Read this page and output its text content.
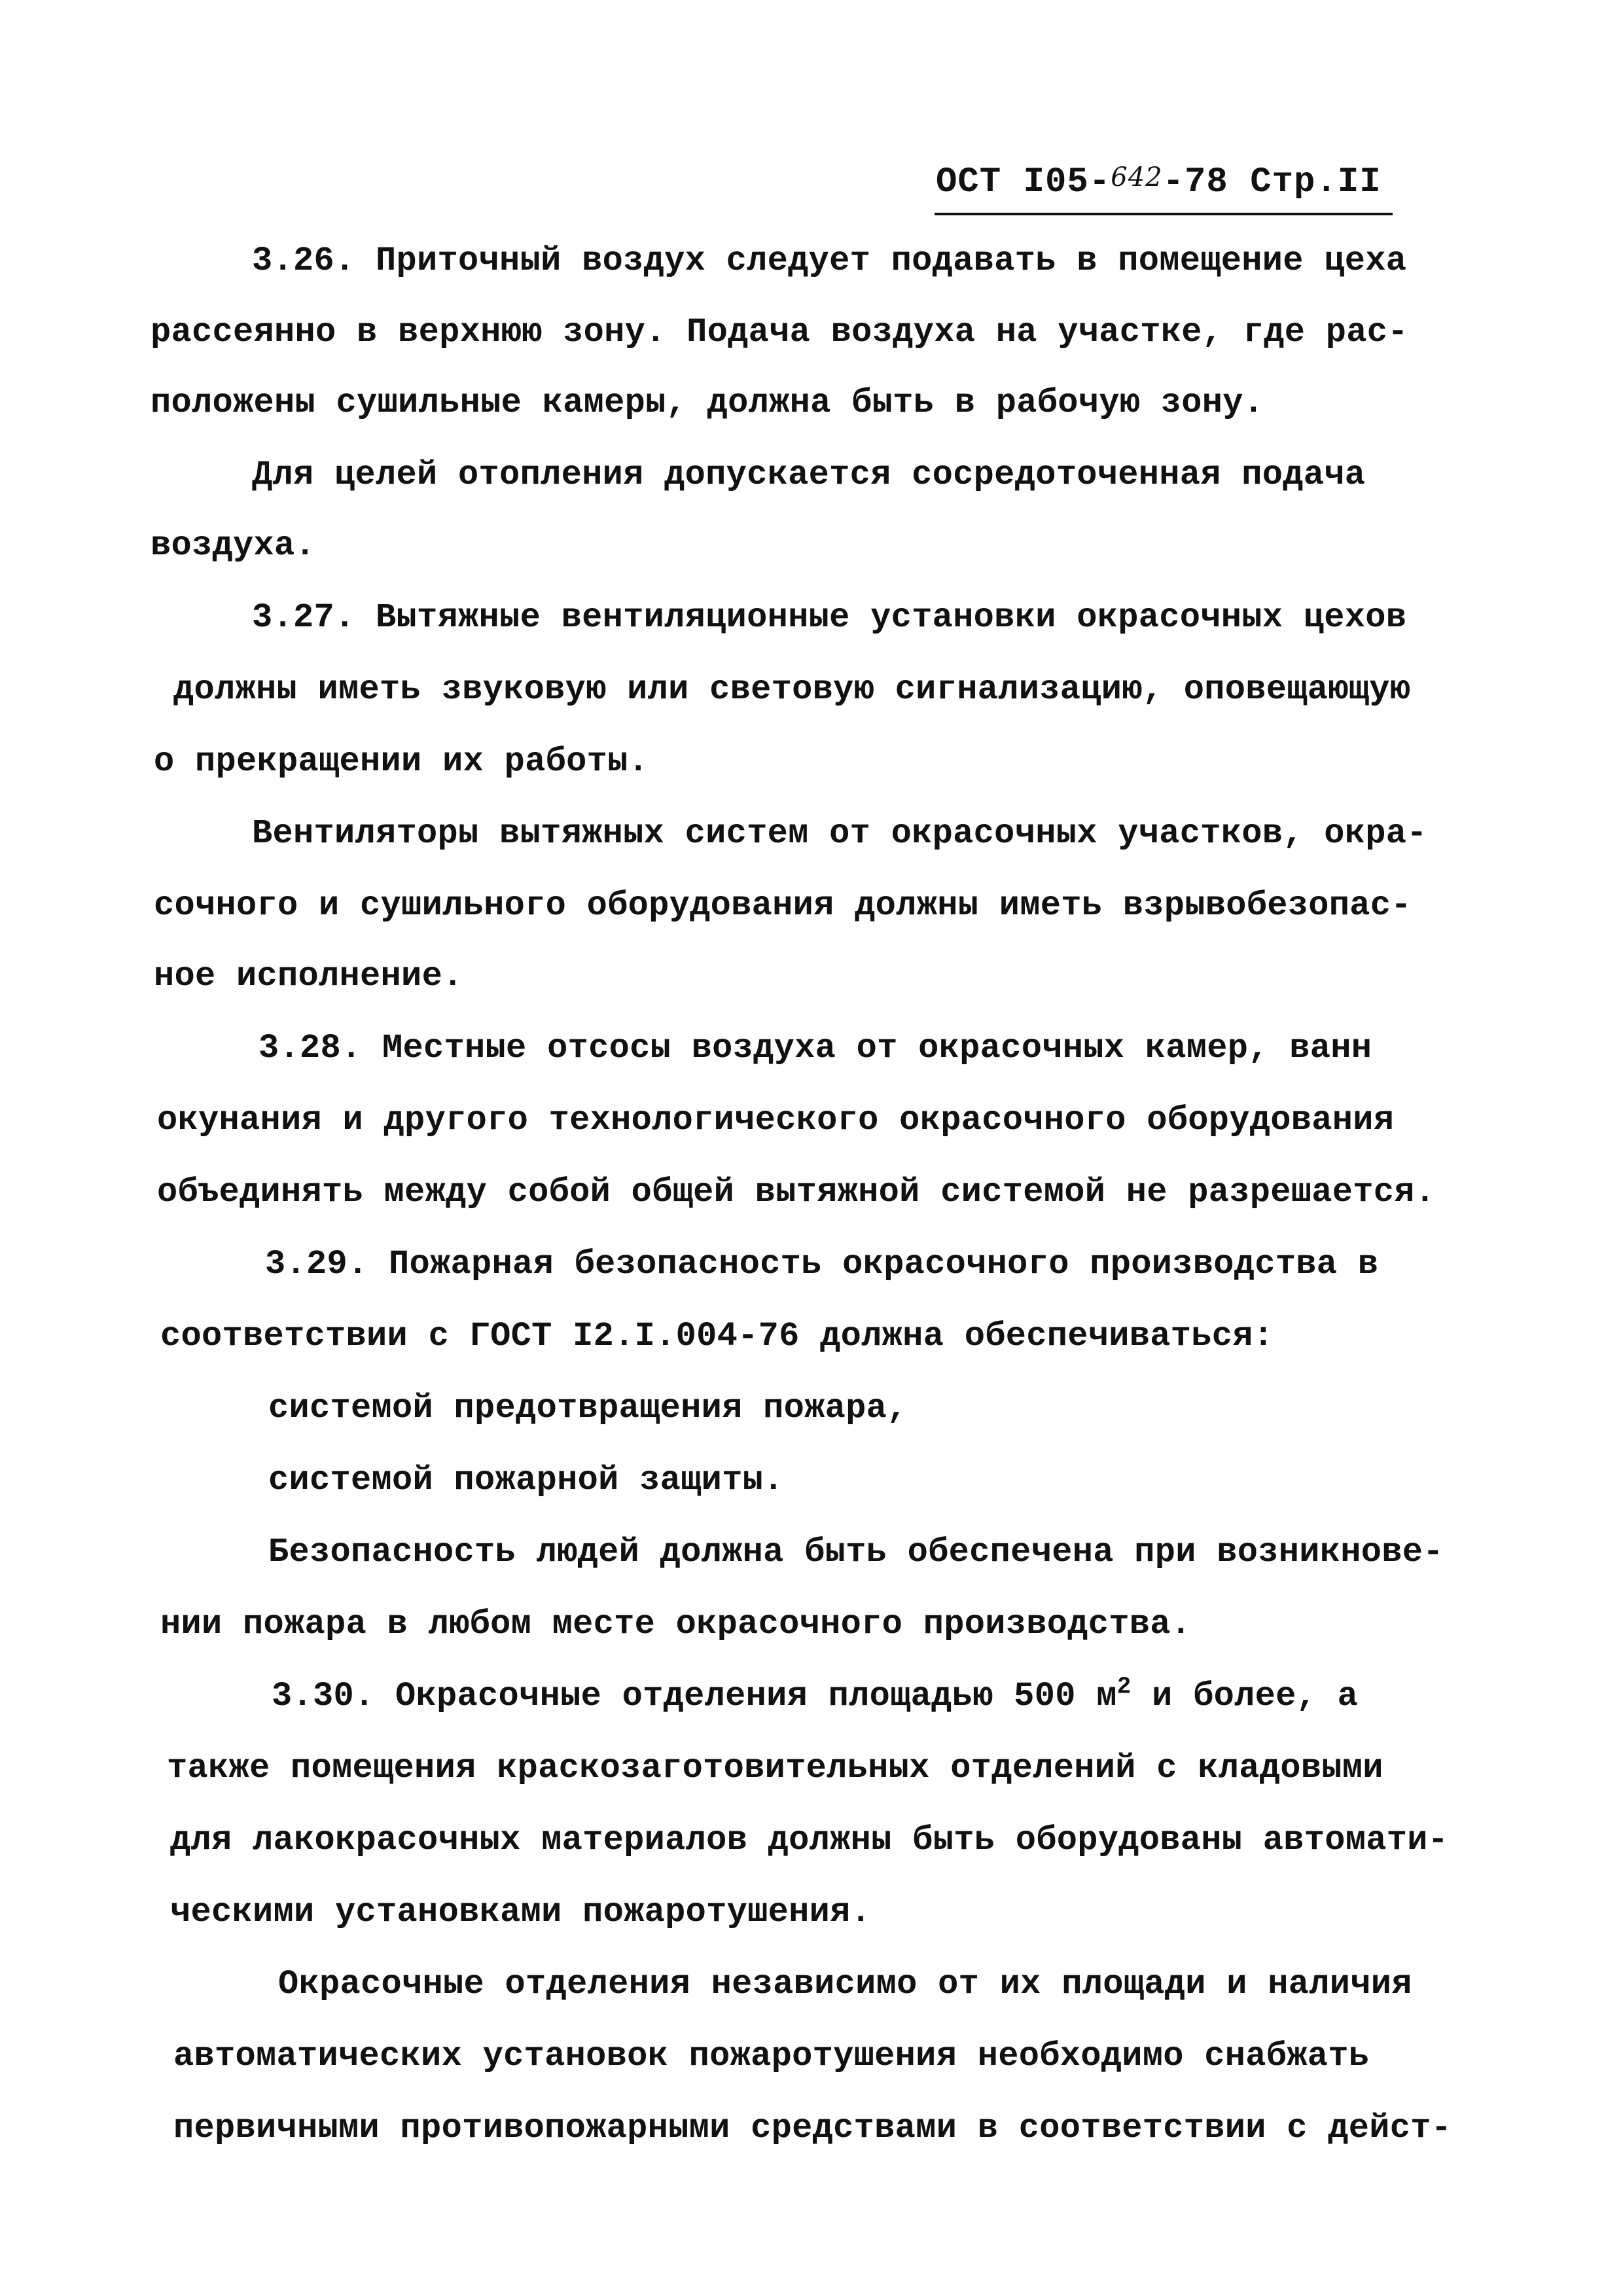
ОСТ I05-642-78 Стр.II
3.26. Приточный воздух следует подавать в помещение цеха
рассеянно в верхнюю зону. Подача воздуха на участке, где рас-
положены сушильные камеры, должна быть в рабочую зону.
Для целей отопления допускается сосредоточенная подача
воздуха.
3.27. Вытяжные вентиляционные установки окрасочных цехов
должны иметь звуковую или световую сигнализацию, оповещающую
о прекращении их работы.
Вентиляторы вытяжных систем от окрасочных участков, окра-
сочного и сушильного оборудования должны иметь взрывобезопас-
ное исполнение.
3.28. Местные отсосы воздуха от окрасочных камер, ванн
окунания и другого технологического окрасочного оборудования
объединять между собой общей вытяжной системой не разрешается.
3.29. Пожарная безопасность окрасочного производства в
соответствии с ГОСТ I2.I.004-76 должна обеспечиваться:
системой предотвращения пожара,
системой пожарной защиты.
Безопасность людей должна быть обеспечена при возникнове-
нии пожара в любом месте окрасочного производства.
3.30. Окрасочные отделения площадью 500 $м^2$ и более, а
также помещения краскозаготовительных отделений с кладовыми
для лакокрасочных материалов должны быть оборудованы автомати-
ческими установками пожаротушения.
Окрасочные отделения независимо от их площади и наличия
автоматических установок пожаротушения необходимо снабжать
первичными противопожарными средствами в соответствии с дейст-
